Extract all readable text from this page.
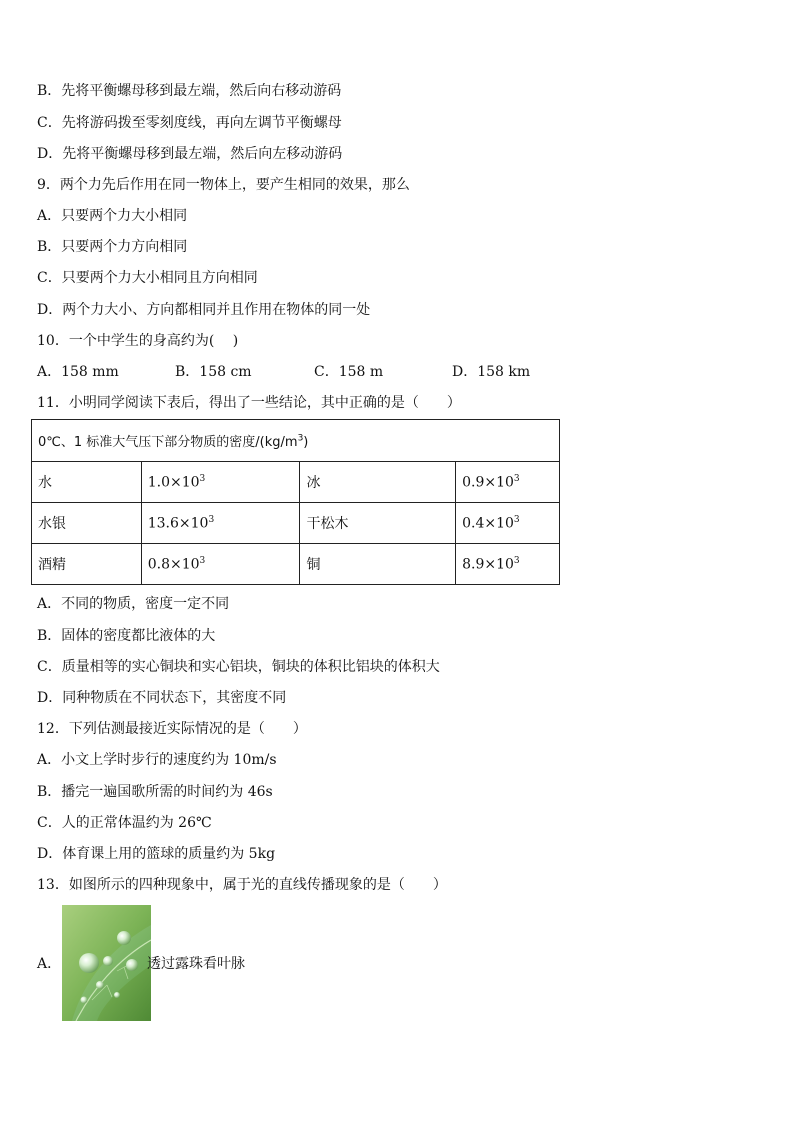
B．先将平衡螺母移到最左端，然后向右移动游码
C．先将游码拨至零刻度线，再向左调节平衡螺母
D．先将平衡螺母移到最左端，然后向左移动游码
9．两个力先后作用在同一物体上，要产生相同的效果，那么
A．只要两个力大小相同
B．只要两个力方向相同
C．只要两个力大小相同且方向相同
D．两个力大小、方向都相同并且作用在物体的同一处
10．一个中学生的身高约为(　 )
A．158 mm	B．158 cm	C．158 m	D．158 km
11．小明同学阅读下表后，得出了一些结论，其中正确的是（　　）
0℃、1 标准大气压下部分物质的密度$/(kg/m^3)$			
水	$1.0\times 10^3$	冰	$0.9\times 10^3$
水银	$13.6\times 10^3$	干松木	$0.4\times 10^3$
酒精	$0.8\times 10^3$	铜	$8.9\times 10^3$
A．不同的物质，密度一定不同
B．固体的密度都比液体的大
C．质量相等的实心铜块和实心铝块，铜块的体积比铝块的体积大
D．同种物质在不同状态下，其密度不同
12．下列估测最接近实际情况的是（　　）
A．小文上学时步行的速度约为 10m/s
B．播完一遍国歌所需的时间约为 46s
C．人的正常体温约为 26℃
D．体育课上用的篮球的质量约为 5kg
13．如图所示的四种现象中，属于光的直线传播现象的是（　　）
A．	透过露珠看叶脉
